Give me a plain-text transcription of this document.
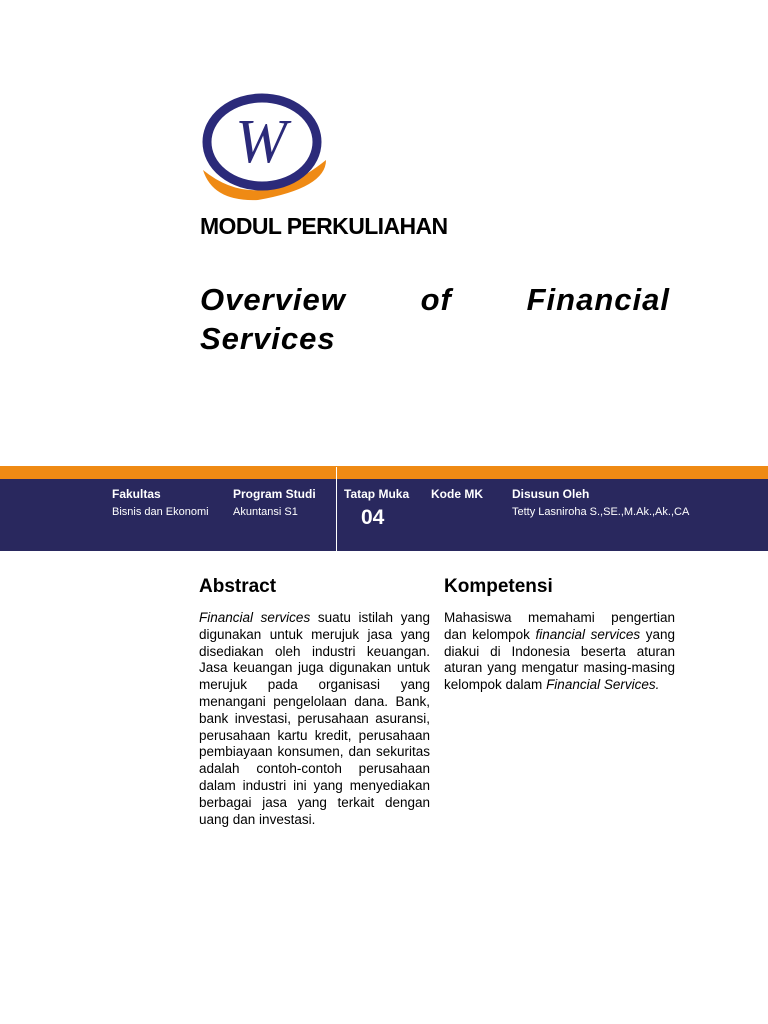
W
MODUL PERKULIAHAN
Overview of Financial
Services
Fakultas
Bisnis dan Ekonomi
Program Studi
Akuntansi S1
Tatap Muka
04
Kode MK Disusun Oleh
Tetty Lasniroha S.,SE.,M.Ak.,Ak.,CA
Abstract
Financial services suatu istilah yang digunakan untuk merujuk jasa yang disediakan oleh industri keuangan. Jasa keuangan juga digunakan untuk merujuk pada organisasi yang menangani pengelolaan dana. Bank, bank investasi, perusahaan asuransi, perusahaan kartu kredit, perusahaan pembiayaan konsumen, dan sekuritas adalah contoh-contoh perusahaan dalam industri ini yang menyediakan berbagai jasa yang terkait dengan uang dan investasi.
Kompetensi
Mahasiswa memahami pengertian dan kelompok financial services yang diakui di Indonesia beserta aturan aturan yang mengatur masing-masing kelompok dalam Financial Services.
